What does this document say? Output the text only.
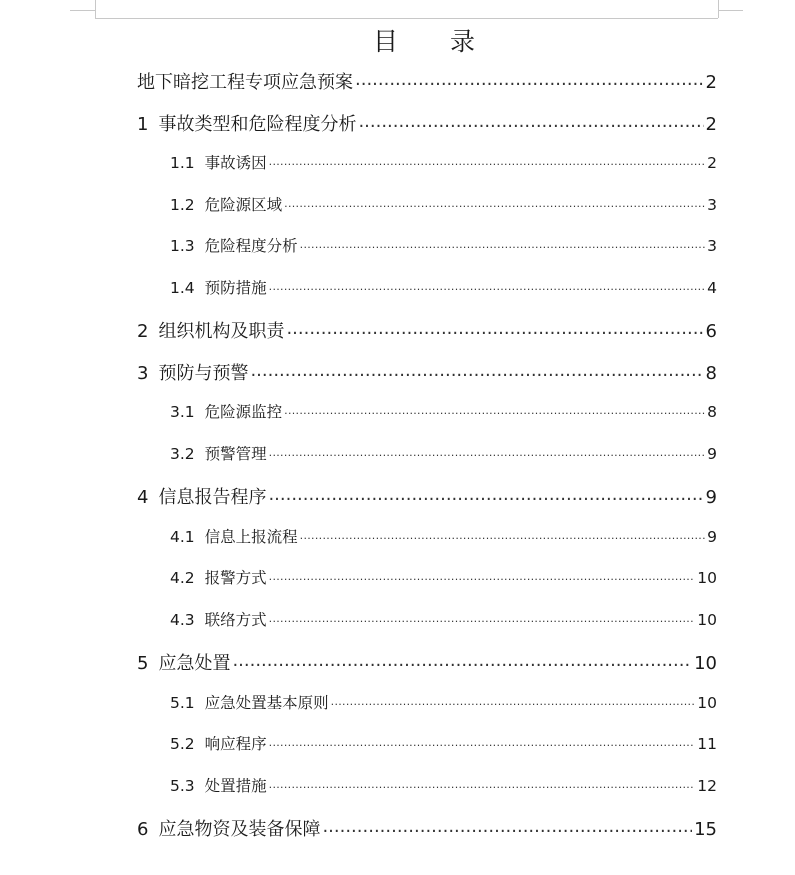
目 录
地下暗挖工程专项应急预案 .....	2
1 事故类型和危险程度分析 .....	2
1.1 事故诱因 .....	2
1.2 危险源区域 .....	3
1.3 危险程度分析 .....	3
1.4 预防措施 .....	4
2 组织机构及职责 .....	6
3 预防与预警 .....	8
3.1 危险源监控 .....	8
3.2 预警管理 .....	9
4 信息报告程序 .....	9
4.1 信息上报流程 .....	9
4.2 报警方式 .....	10
4.3 联络方式 .....	10
5 应急处置 .....	10
5.1 应急处置基本原则 .....	10
5.2 响应程序 .....	11
5.3 处置措施 .....	12
6 应急物资及装备保障 .....	15
